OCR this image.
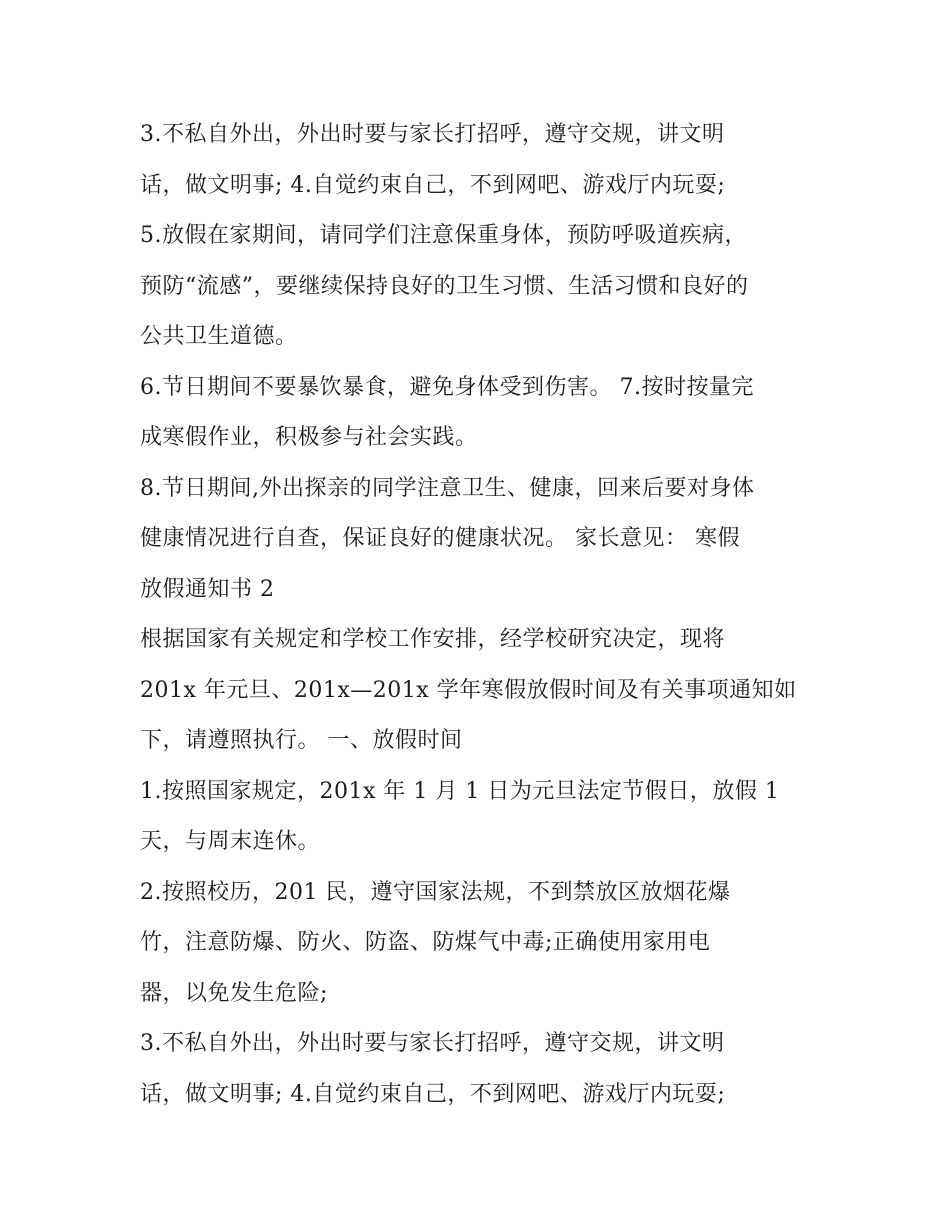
3.不私自外出，外出时要与家长打招呼，遵守交规，讲文明
话，做文明事; 4.自觉约束自己，不到网吧、游戏厅内玩耍;
5.放假在家期间，请同学们注意保重身体，预防呼吸道疾病，
预防“流感”，要继续保持良好的卫生习惯、生活习惯和良好的
公共卫生道德。
6.节日期间不要暴饮暴食，避免身体受到伤害。 7.按时按量完
成寒假作业，积极参与社会实践。
8.节日期间,外出探亲的同学注意卫生、健康，回来后要对身体
健康情况进行自查，保证良好的健康状况。 家长意见： 寒假
放假通知书 2
根据国家有关规定和学校工作安排，经学校研究决定，现将
201x 年元旦、201x—201x 学年寒假放假时间及有关事项通知如
下，请遵照执行。 一、放假时间
1.按照国家规定，201x 年 1 月 1 日为元旦法定节假日，放假 1
天，与周末连休。
2.按照校历，201 民，遵守国家法规，不到禁放区放烟花爆
竹，注意防爆、防火、防盗、防煤气中毒;正确使用家用电
器，以免发生危险;
3.不私自外出，外出时要与家长打招呼，遵守交规，讲文明
话，做文明事; 4.自觉约束自己，不到网吧、游戏厅内玩耍;
